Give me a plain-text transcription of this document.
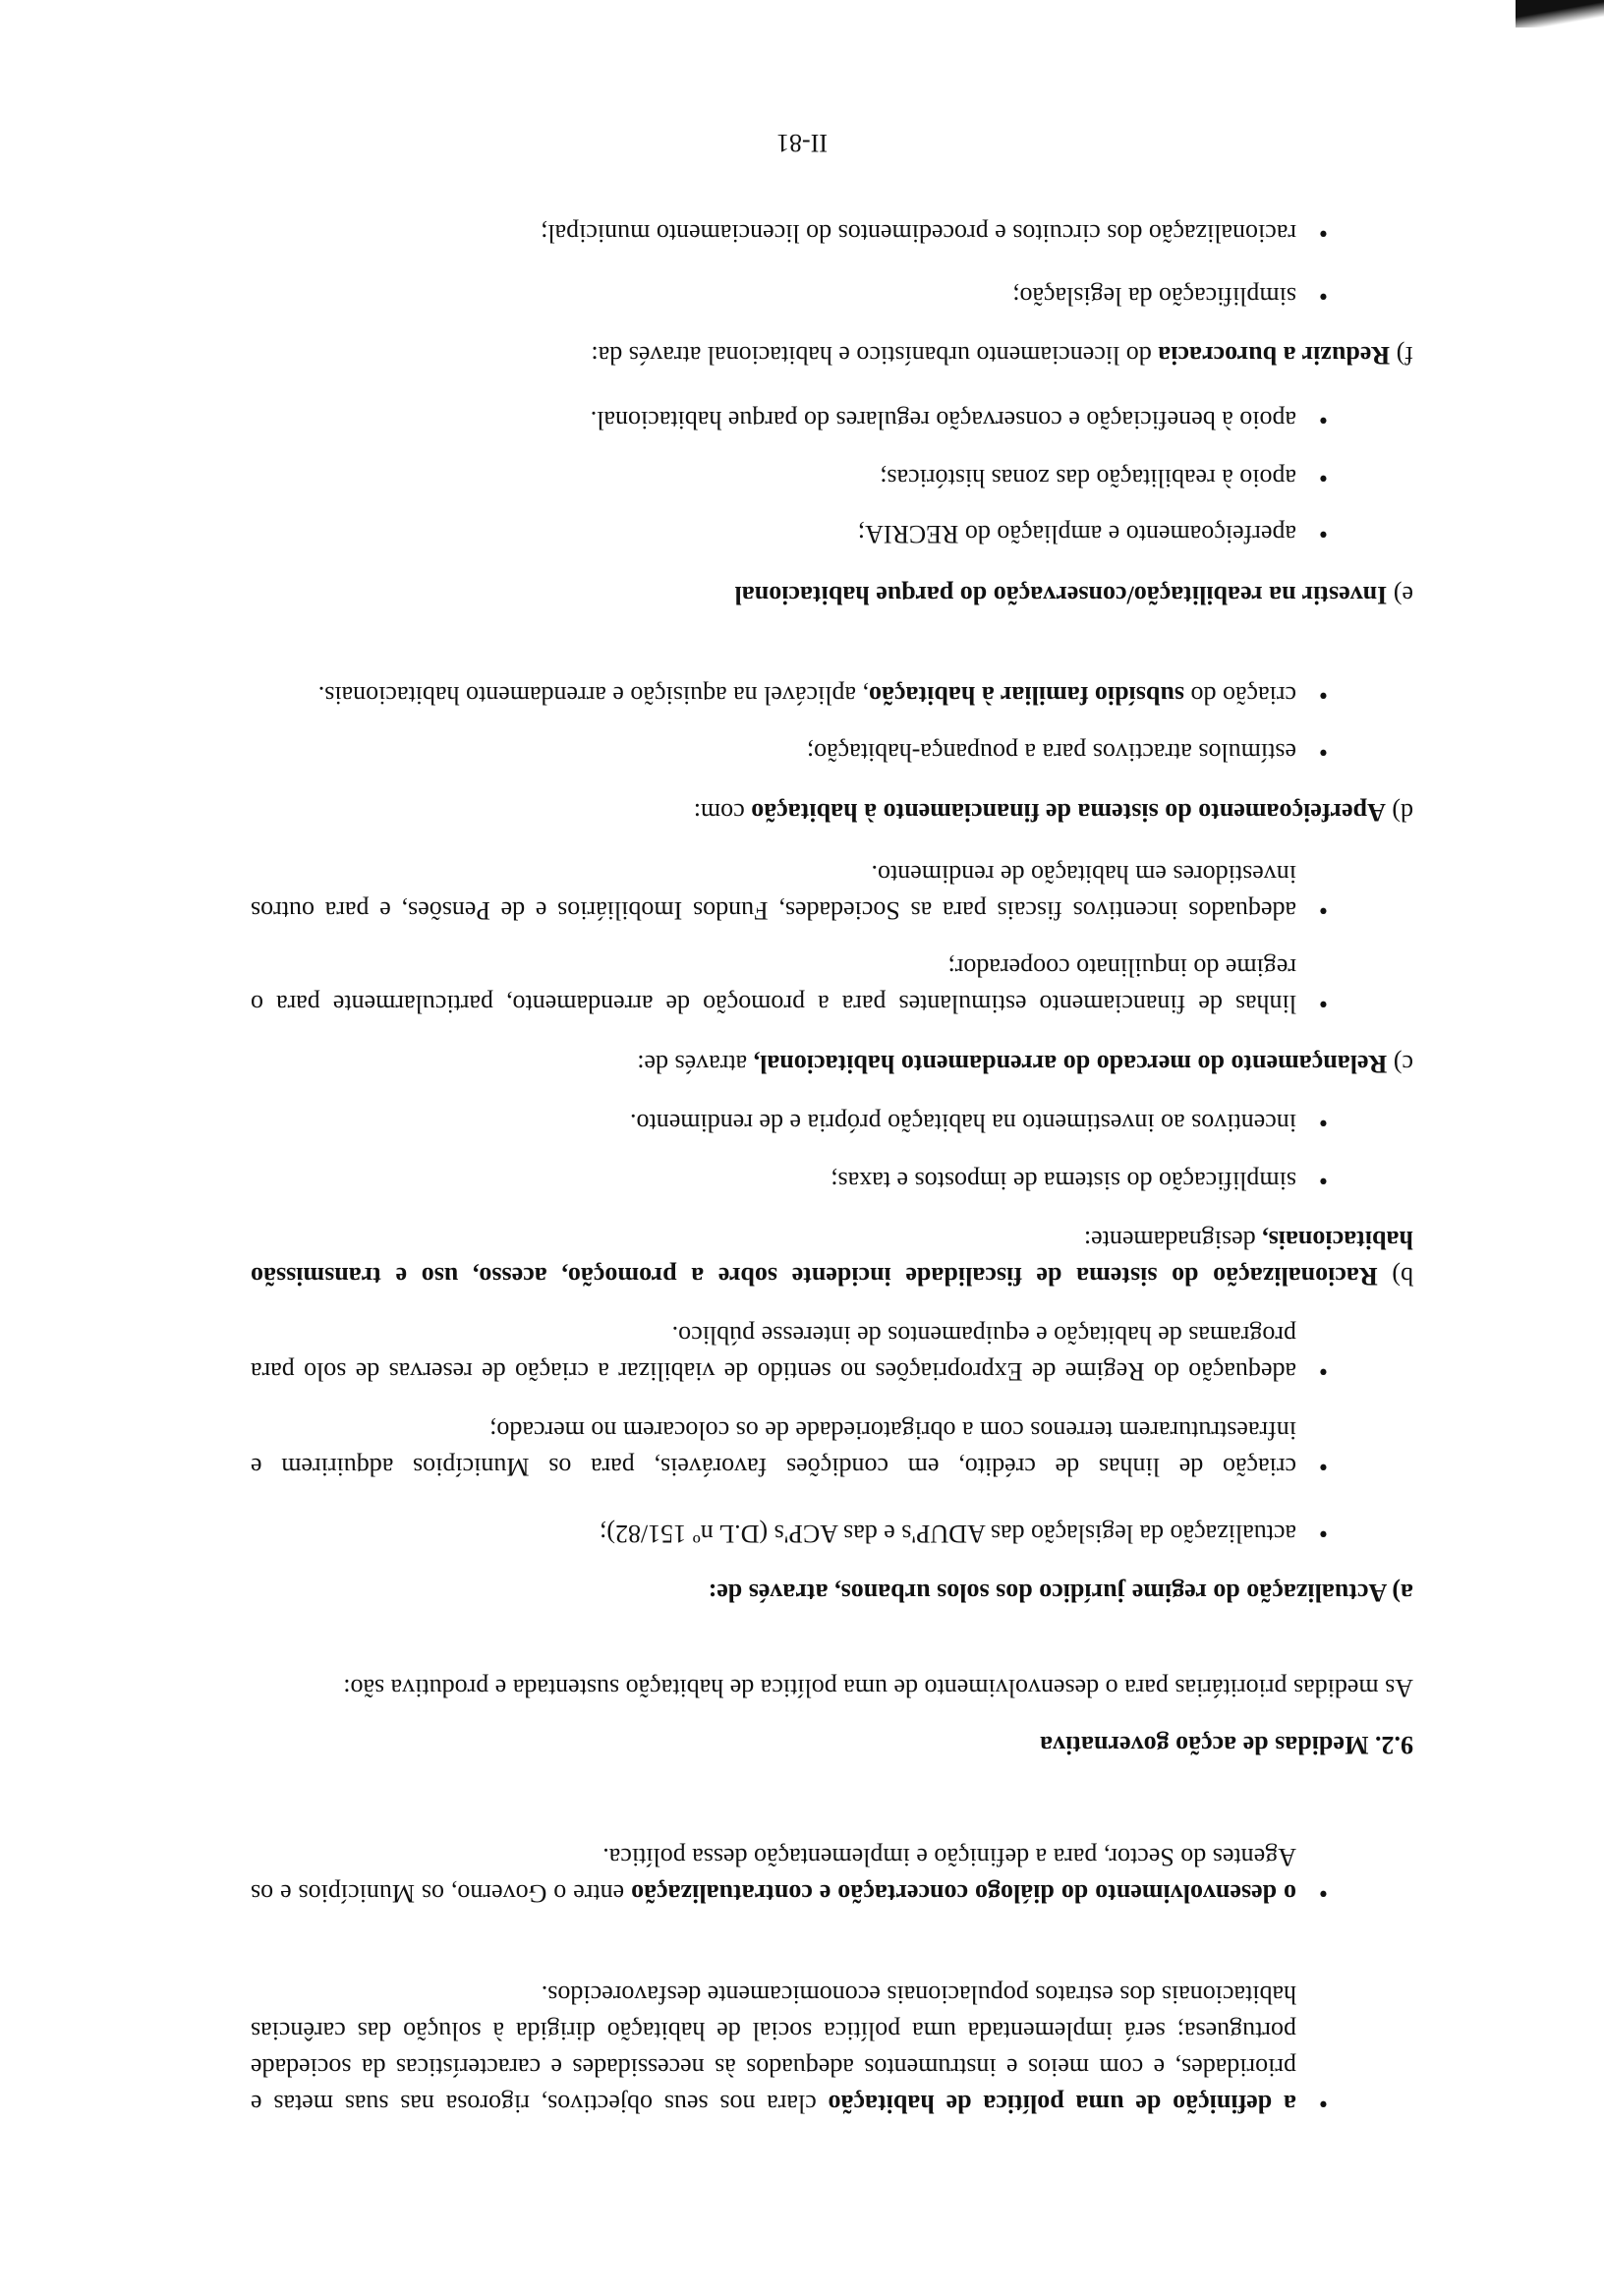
•
a definição de uma política de habitação clara nos seus objectivos, rigorosa nas suas metas e prioridades, e com meios e instrumentos adequados às necessidades e características da sociedade portuguesa; será implementada uma política social de habitação dirigida à solução das carências habitacionais dos estratos populacionais economicamente desfavorecidos.
•
o desenvolvimento do diálogo concertação e contratualização entre o Governo, os Municípios e os Agentes do Sector, para a definição e implementação dessa política.
9.2. Medidas de acção governativa
As medidas prioritárias para o desenvolvimento de uma política de habitação sustentada e produtiva são:
a) Actualização do regime jurídico dos solos urbanos, através de:
•
actualização da legislação das ADUP's e das ACP's (D.L nº 151/82);
•
criação de linhas de crédito, em condições favoráveis, para os Municípios adquirirem e infraestruturarem terrenos com a obrigatoriedade de os colocarem no mercado;
•
adequação do Regime de Expropriações no sentido de viabilizar a criação de reservas de solo para programas de habitação e equipamentos de interesse público.
b) Racionalização do sistema de fiscalidade incidente sobre a promoção, acesso, uso e transmissão habitacionais, designadamente:
•
simplificação do sistema de impostos e taxas;
•
incentivos ao investimento na habitação própria e de rendimento.
c) Relançamento do mercado do arrendamento habitacional, através de:
•
linhas de financiamento estimulantes para a promoção de arrendamento, particularmente para o regime do inquilinato cooperador;
•
adequados incentivos fiscais para as Sociedades, Fundos Imobiliários e de Pensões, e para outros investidores em habitação de rendimento.
d) Aperfeiçoamento do sistema de financiamento à habitação com:
•
estímulos atractivos para a poupança-habitação;
•
criação do subsídio familiar à habitação, aplicável na aquisição e arrendamento habitacionais.
e) Investir na reabilitação/conservação do parque habitacional
•
aperfeiçoamento e ampliação do RECRIA;
•
apoio à reabilitação das zonas históricas;
•
apoio à beneficiação e conservação regulares do parque habitacional.
f) Reduzir a burocracia do licenciamento urbanístico e habitacional através da:
•
simplificação da legislação;
•
racionalização dos circuitos e procedimentos do licenciamento municipal;
II-81
